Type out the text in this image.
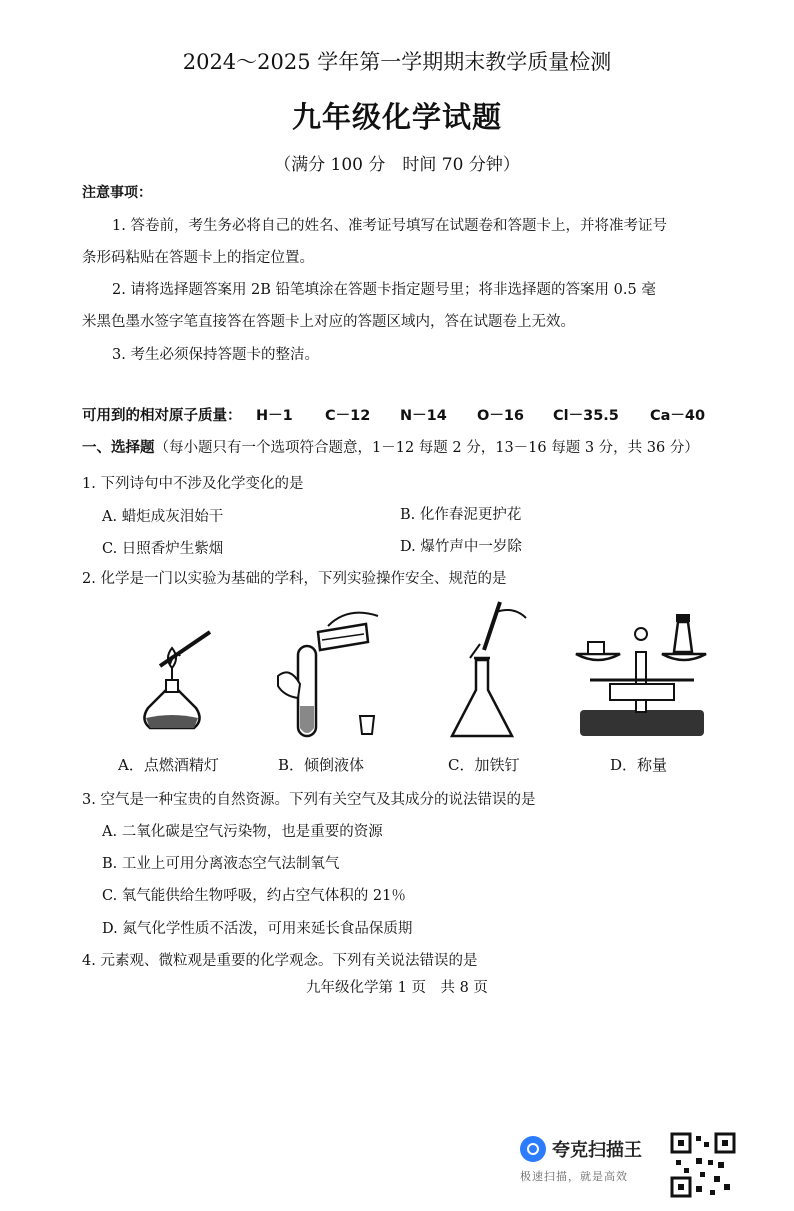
2024～2025 学年第一学期期末教学质量检测
九年级化学试题
（满分 100 分　时间 70 分钟）
注意事项：
1. 答卷前，考生务必将自己的姓名、准考证号填写在试题卷和答题卡上，并将准考证号
条形码粘贴在答题卡上的指定位置。
2. 请将选择题答案用 2B 铅笔填涂在答题卡指定题号里；将非选择题的答案用 0.5 毫
米黑色墨水签字笔直接答在答题卡上对应的答题区域内，答在试题卷上无效。
3. 考生必须保持答题卡的整洁。
可用到的相对原子质量： H－1 C－12 N－14 O－16 Cl－35.5 Ca－40
一、选择题（每小题只有一个选项符合题意，1－12 每题 2 分，13－16 每题 3 分，共 36 分）
1. 下列诗句中不涉及化学变化的是
A. 蜡炬成灰泪始干	B. 化作春泥更护花
C. 日照香炉生紫烟	D. 爆竹声中一岁除
2. 化学是一门以实验为基础的学科，下列实验操作安全、规范的是
A．点燃酒精灯	B．倾倒液体	C．加铁钉	D．称量
3. 空气是一种宝贵的自然资源。下列有关空气及其成分的说法错误的是
A. 二氧化碳是空气污染物，也是重要的资源
B. 工业上可用分离液态空气法制氧气
C. 氧气能供给生物呼吸，约占空气体积的 21％
D. 氮气化学性质不活泼，可用来延长食品保质期
4. 元素观、微粒观是重要的化学观念。下列有关说法错误的是
九年级化学第 1 页　共 8 页
夸克扫描王
极速扫描，就是高效
